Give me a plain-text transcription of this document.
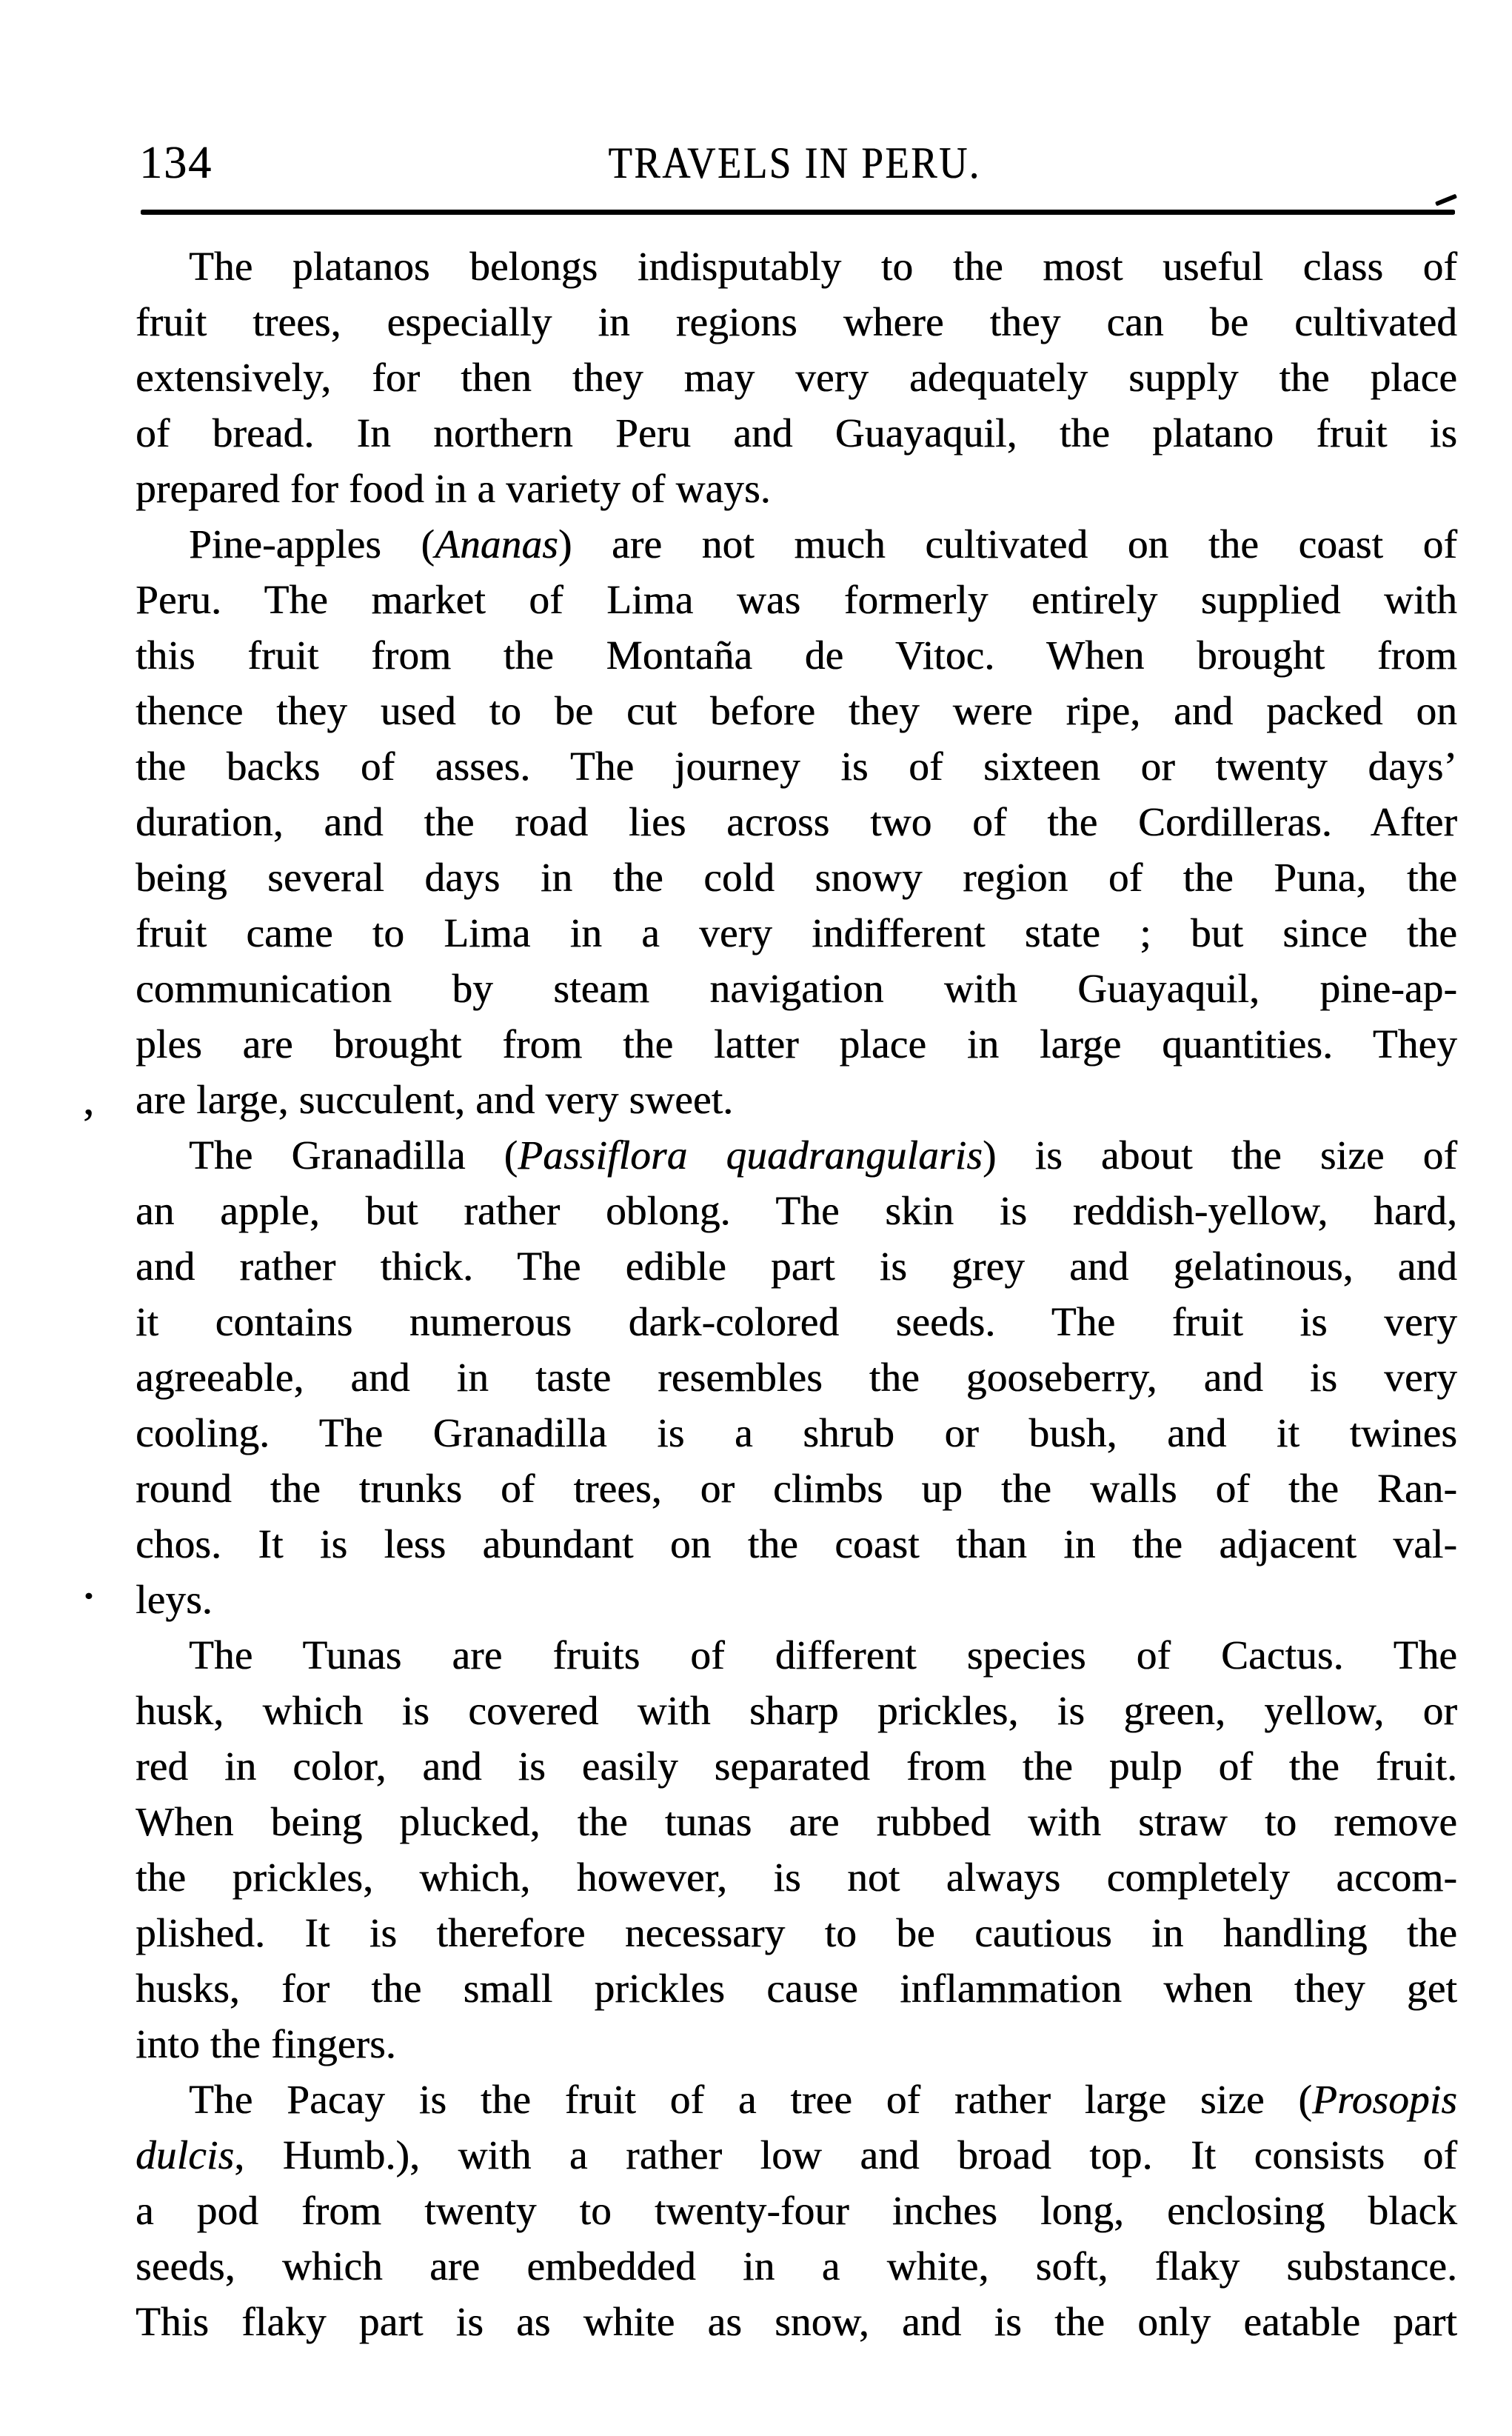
134	TRAVELS IN PERU.
,
·
The platanos belongs indisputably to the most useful class of
fruit trees, especially in regions where they can be cultivated
extensively, for then they may very adequately supply the place
of bread. In northern Peru and Guayaquil, the platano fruit is
prepared for food in a variety of ways.
Pine-apples (Ananas) are not much cultivated on the coast of
Peru. The market of Lima was formerly entirely supplied with
this fruit from the Montaña de Vitoc. When brought from
thence they used to be cut before they were ripe, and packed on
the backs of asses. The journey is of sixteen or twenty days’
duration, and the road lies across two of the Cordilleras. After
being several days in the cold snowy region of the Puna, the
fruit came to Lima in a very indifferent state ; but since the
communication by steam navigation with Guayaquil, pine-ap-
ples are brought from the latter place in large quantities. They
are large, succulent, and very sweet.
The Granadilla (Passiflora quadrangularis) is about the size of
an apple, but rather oblong. The skin is reddish-yellow, hard,
and rather thick. The edible part is grey and gelatinous, and
it contains numerous dark-colored seeds. The fruit is very
agreeable, and in taste resembles the gooseberry, and is very
cooling. The Granadilla is a shrub or bush, and it twines
round the trunks of trees, or climbs up the walls of the Ran-
chos. It is less abundant on the coast than in the adjacent val-
leys.
The Tunas are fruits of different species of Cactus. The
husk, which is covered with sharp prickles, is green, yellow, or
red in color, and is easily separated from the pulp of the fruit.
When being plucked, the tunas are rubbed with straw to remove
the prickles, which, however, is not always completely accom-
plished. It is therefore necessary to be cautious in handling the
husks, for the small prickles cause inflammation when they get
into the fingers.
The Pacay is the fruit of a tree of rather large size (Prosopis
dulcis, Humb.), with a rather low and broad top. It consists of
a pod from twenty to twenty-four inches long, enclosing black
seeds, which are embedded in a white, soft, flaky substance.
This flaky part is as white as snow, and is the only eatable part
